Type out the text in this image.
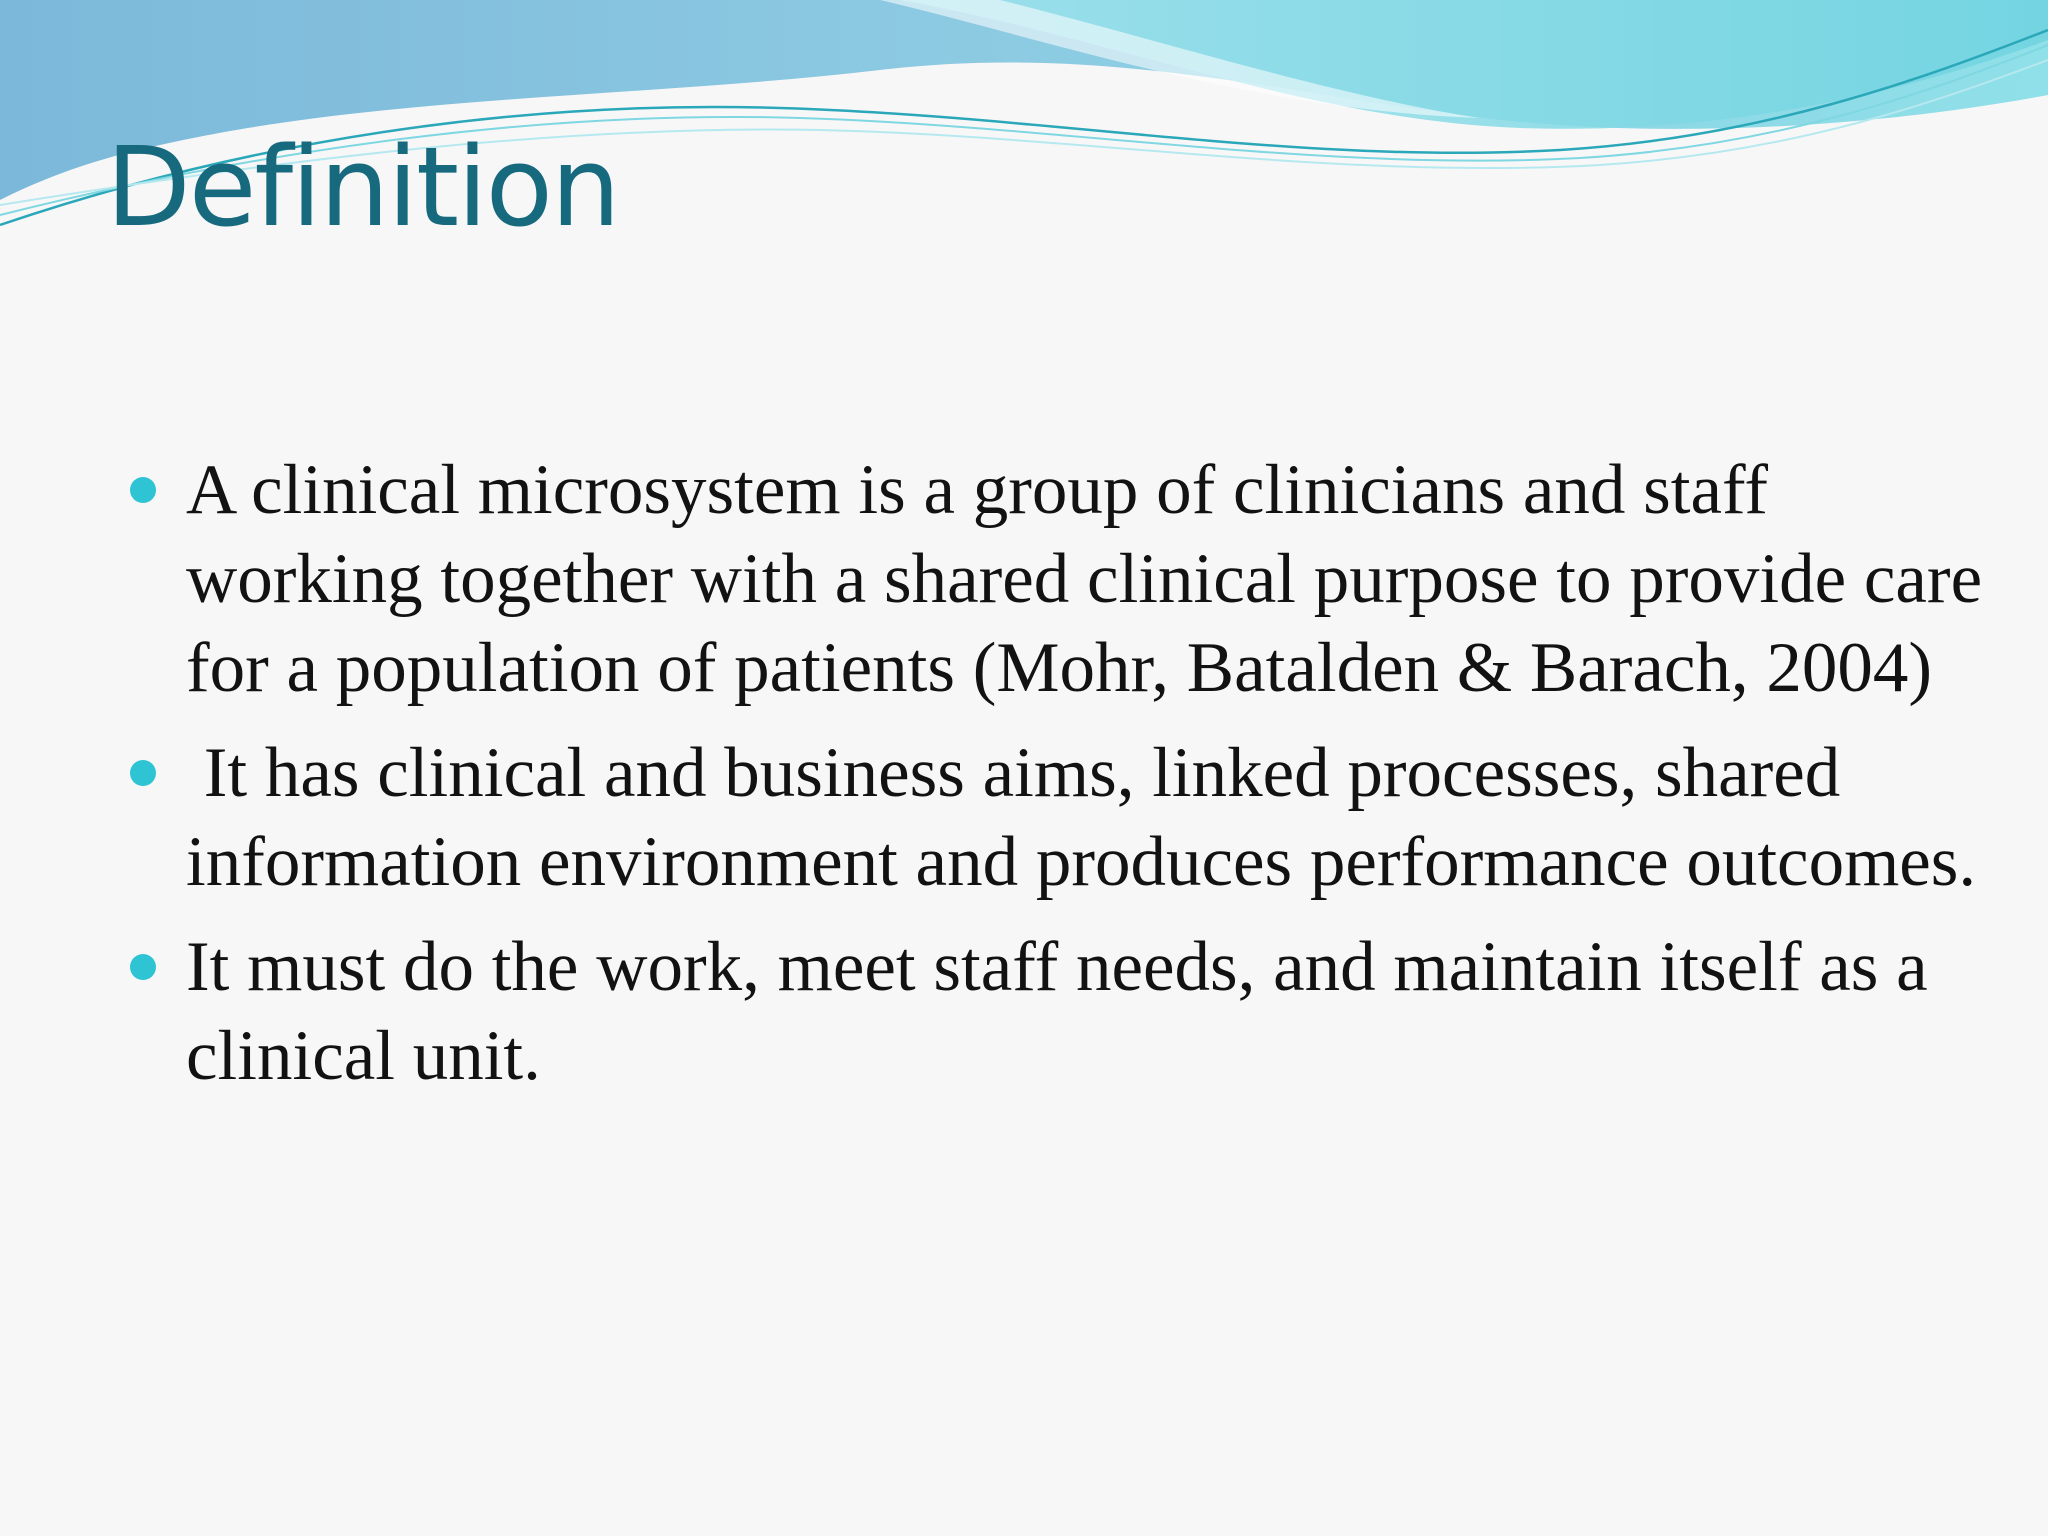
Definition
A clinical microsystem is a group of clinicians and staff working together with a shared clinical purpose to provide care for a population of patients (Mohr, Batalden & Barach, 2004)
It has clinical and business aims, linked processes, shared information environment and produces performance outcomes.
It must do the work, meet staff needs, and maintain itself as a clinical unit.
